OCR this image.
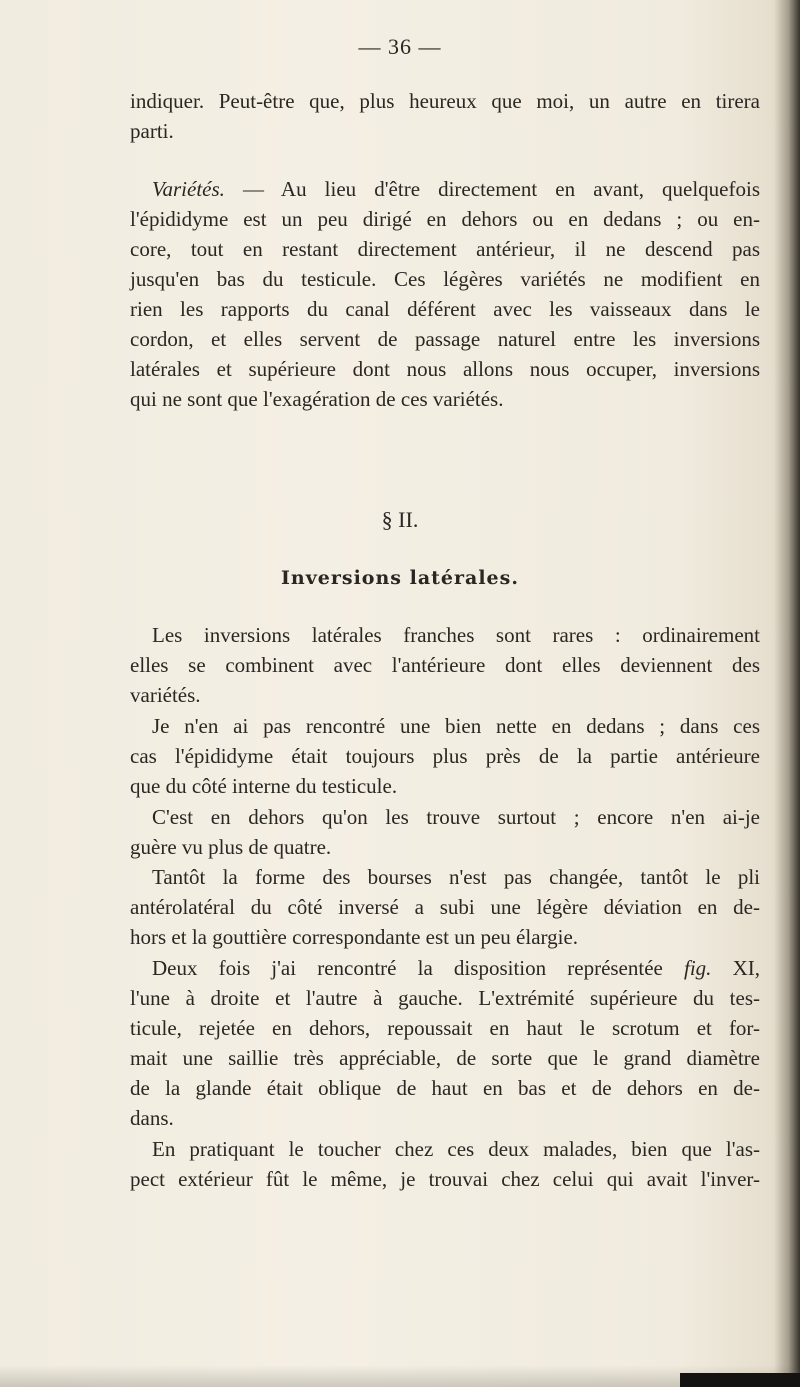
— 36 —

indiquer. Peut-être que, plus heureux que moi, un autre en tirera
parti.

Variétés. — Au lieu d'être directement en avant, quelquefois
l'épididyme est un peu dirigé en dehors ou en dedans ; ou en-
core, tout en restant directement antérieur, il ne descend pas
jusqu'en bas du testicule. Ces légères variétés ne modifient en
rien les rapports du canal déférent avec les vaisseaux dans le
cordon, et elles servent de passage naturel entre les inversions
latérales et supérieure dont nous allons nous occuper, inversions
qui ne sont que l'exagération de ces variétés.

§ II.
Inversions latérales.

Les inversions latérales franches sont rares : ordinairement
elles se combinent avec l'antérieure dont elles deviennent des
variétés.

Je n'en ai pas rencontré une bien nette en dedans ; dans ces
cas l'épididyme était toujours plus près de la partie antérieure
que du côté interne du testicule.

C'est en dehors qu'on les trouve surtout ; encore n'en ai-je
guère vu plus de quatre.

Tantôt la forme des bourses n'est pas changée, tantôt le pli
antérolatéral du côté inversé a subi une légère déviation en de-
hors et la gouttière correspondante est un peu élargie.

Deux fois j'ai rencontré la disposition représentée fig. XI,
l'une à droite et l'autre à gauche. L'extrémité supérieure du tes-
ticule, rejetée en dehors, repoussait en haut le scrotum et for-
mait une saillie très appréciable, de sorte que le grand diamètre
de la glande était oblique de haut en bas et de dehors en de-
dans.

En pratiquant le toucher chez ces deux malades, bien que l'as-
pect extérieur fût le même, je trouvai chez celui qui avait l'inver-
